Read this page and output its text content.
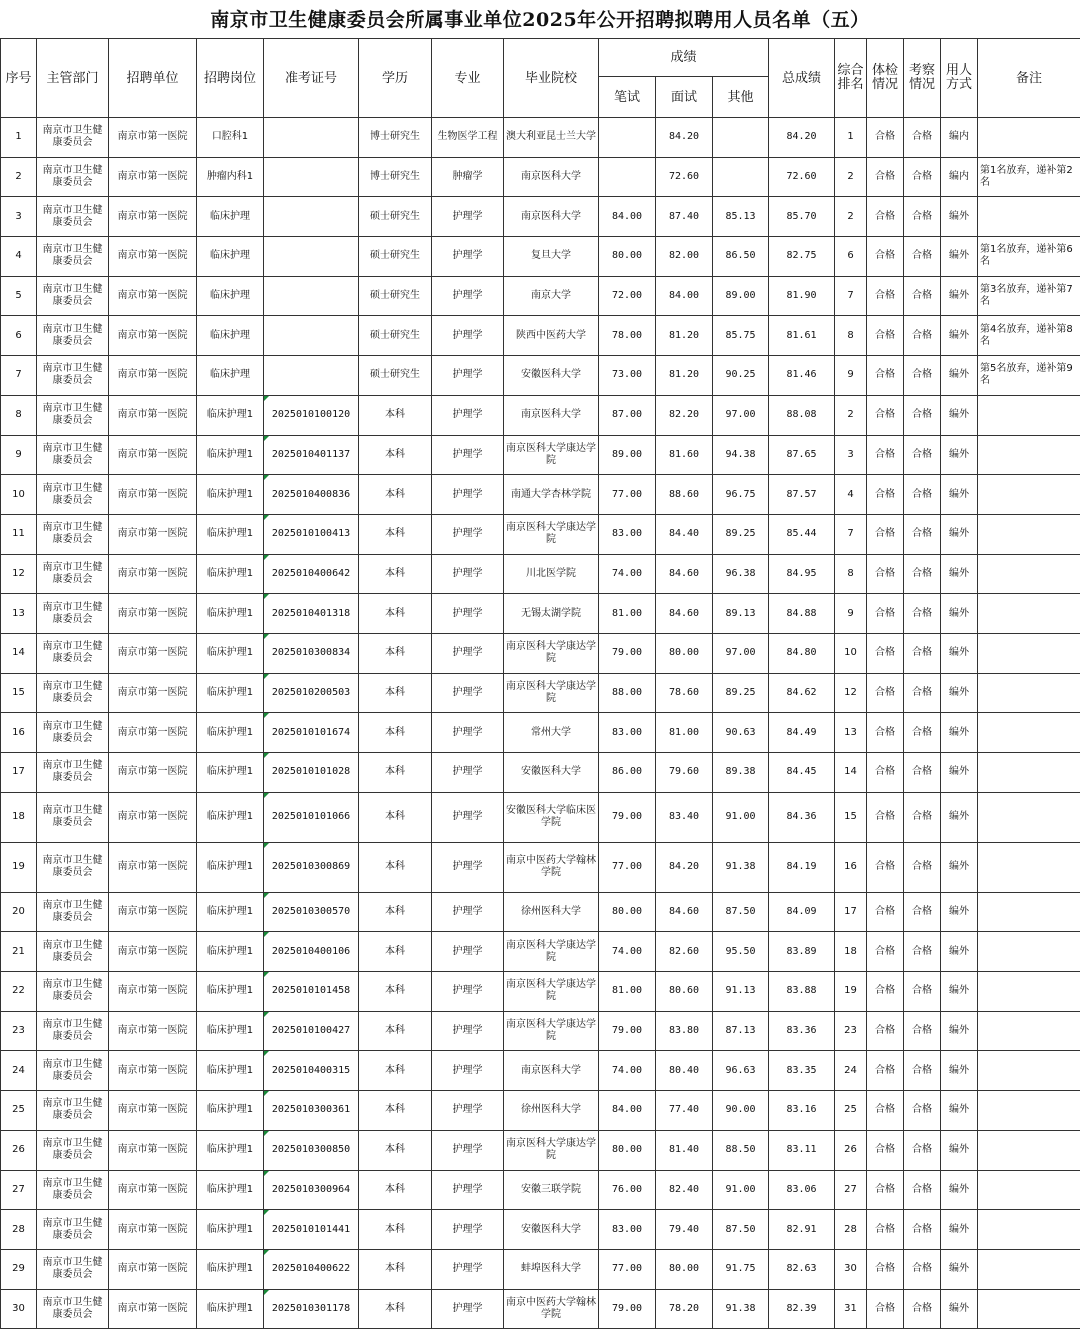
南京市卫生健康委员会所属事业单位2025年公开招聘拟聘用人员名单（五）
序号	主管部门	招聘单位	招聘岗位	准考证号	学历	专业	毕业院校	成绩			总成绩	综合排名	体检情况	考察情况	用人方式	备注
								笔试	面试	其他						
1	南京市卫生健康委员会	南京市第一医院	口腔科1		博士研究生	生物医学工程	澳大利亚昆士兰大学		84.20		84.20	1	合格	合格	编内	
2	南京市卫生健康委员会	南京市第一医院	肿瘤内科1		博士研究生	肿瘤学	南京医科大学		72.60		72.60	2	合格	合格	编内	第1名放弃，递补第2名
3	南京市卫生健康委员会	南京市第一医院	临床护理		硕士研究生	护理学	南京医科大学	84.00	87.40	85.13	85.70	2	合格	合格	编外	
4	南京市卫生健康委员会	南京市第一医院	临床护理		硕士研究生	护理学	复旦大学	80.00	82.00	86.50	82.75	6	合格	合格	编外	第1名放弃，递补第6名
5	南京市卫生健康委员会	南京市第一医院	临床护理		硕士研究生	护理学	南京大学	72.00	84.00	89.00	81.90	7	合格	合格	编外	第3名放弃，递补第7名
6	南京市卫生健康委员会	南京市第一医院	临床护理		硕士研究生	护理学	陕西中医药大学	78.00	81.20	85.75	81.61	8	合格	合格	编外	第4名放弃，递补第8名
7	南京市卫生健康委员会	南京市第一医院	临床护理		硕士研究生	护理学	安徽医科大学	73.00	81.20	90.25	81.46	9	合格	合格	编外	第5名放弃，递补第9名
8	南京市卫生健康委员会	南京市第一医院	临床护理1	2025010100120	本科	护理学	南京医科大学	87.00	82.20	97.00	88.08	2	合格	合格	编外	
9	南京市卫生健康委员会	南京市第一医院	临床护理1	2025010401137	本科	护理学	南京医科大学康达学院	89.00	81.60	94.38	87.65	3	合格	合格	编外	
10	南京市卫生健康委员会	南京市第一医院	临床护理1	2025010400836	本科	护理学	南通大学杏林学院	77.00	88.60	96.75	87.57	4	合格	合格	编外	
11	南京市卫生健康委员会	南京市第一医院	临床护理1	2025010100413	本科	护理学	南京医科大学康达学院	83.00	84.40	89.25	85.44	7	合格	合格	编外	
12	南京市卫生健康委员会	南京市第一医院	临床护理1	2025010400642	本科	护理学	川北医学院	74.00	84.60	96.38	84.95	8	合格	合格	编外	
13	南京市卫生健康委员会	南京市第一医院	临床护理1	2025010401318	本科	护理学	无锡太湖学院	81.00	84.60	89.13	84.88	9	合格	合格	编外	
14	南京市卫生健康委员会	南京市第一医院	临床护理1	2025010300834	本科	护理学	南京医科大学康达学院	79.00	80.00	97.00	84.80	10	合格	合格	编外	
15	南京市卫生健康委员会	南京市第一医院	临床护理1	2025010200503	本科	护理学	南京医科大学康达学院	88.00	78.60	89.25	84.62	12	合格	合格	编外	
16	南京市卫生健康委员会	南京市第一医院	临床护理1	2025010101674	本科	护理学	常州大学	83.00	81.00	90.63	84.49	13	合格	合格	编外	
17	南京市卫生健康委员会	南京市第一医院	临床护理1	2025010101028	本科	护理学	安徽医科大学	86.00	79.60	89.38	84.45	14	合格	合格	编外	
18	南京市卫生健康委员会	南京市第一医院	临床护理1	2025010101066	本科	护理学	安徽医科大学临床医学院	79.00	83.40	91.00	84.36	15	合格	合格	编外	
19	南京市卫生健康委员会	南京市第一医院	临床护理1	2025010300869	本科	护理学	南京中医药大学翰林学院	77.00	84.20	91.38	84.19	16	合格	合格	编外	
20	南京市卫生健康委员会	南京市第一医院	临床护理1	2025010300570	本科	护理学	徐州医科大学	80.00	84.60	87.50	84.09	17	合格	合格	编外	
21	南京市卫生健康委员会	南京市第一医院	临床护理1	2025010400106	本科	护理学	南京医科大学康达学院	74.00	82.60	95.50	83.89	18	合格	合格	编外	
22	南京市卫生健康委员会	南京市第一医院	临床护理1	2025010101458	本科	护理学	南京医科大学康达学院	81.00	80.60	91.13	83.88	19	合格	合格	编外	
23	南京市卫生健康委员会	南京市第一医院	临床护理1	2025010100427	本科	护理学	南京医科大学康达学院	79.00	83.80	87.13	83.36	23	合格	合格	编外	
24	南京市卫生健康委员会	南京市第一医院	临床护理1	2025010400315	本科	护理学	南京医科大学	74.00	80.40	96.63	83.35	24	合格	合格	编外	
25	南京市卫生健康委员会	南京市第一医院	临床护理1	2025010300361	本科	护理学	徐州医科大学	84.00	77.40	90.00	83.16	25	合格	合格	编外	
26	南京市卫生健康委员会	南京市第一医院	临床护理1	2025010300850	本科	护理学	南京医科大学康达学院	80.00	81.40	88.50	83.11	26	合格	合格	编外	
27	南京市卫生健康委员会	南京市第一医院	临床护理1	2025010300964	本科	护理学	安徽三联学院	76.00	82.40	91.00	83.06	27	合格	合格	编外	
28	南京市卫生健康委员会	南京市第一医院	临床护理1	2025010101441	本科	护理学	安徽医科大学	83.00	79.40	87.50	82.91	28	合格	合格	编外	
29	南京市卫生健康委员会	南京市第一医院	临床护理1	2025010400622	本科	护理学	蚌埠医科大学	77.00	80.00	91.75	82.63	30	合格	合格	编外	
30	南京市卫生健康委员会	南京市第一医院	临床护理1	2025010301178	本科	护理学	南京中医药大学翰林学院	79.00	78.20	91.38	82.39	31	合格	合格	编外	
